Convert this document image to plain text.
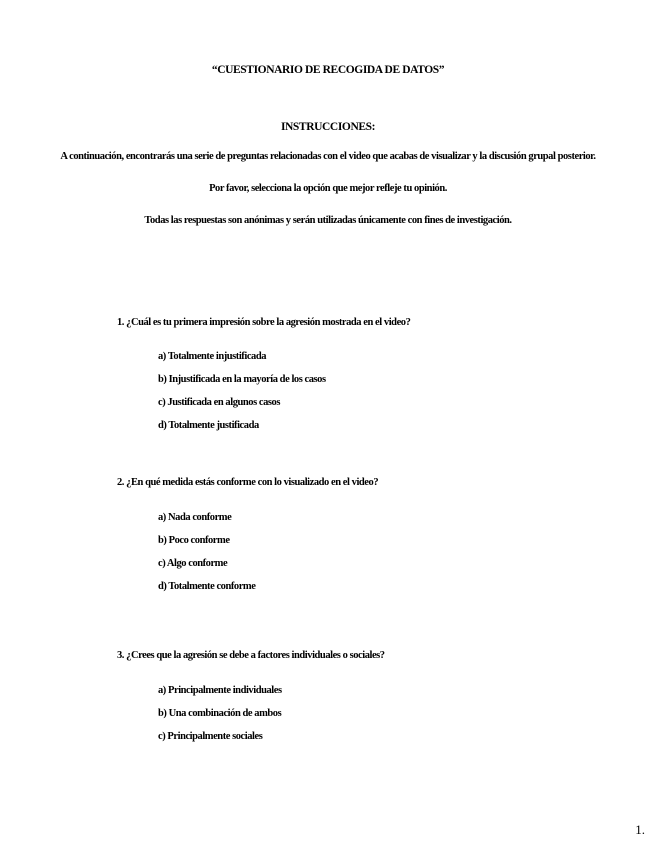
“CUESTIONARIO DE RECOGIDA DE DATOS”
INSTRUCCIONES:
A continuación, encontrarás una serie de preguntas relacionadas con el video que acabas de visualizar y la discusión grupal posterior.
Por favor, selecciona la opción que mejor refleje tu opinión.
Todas las respuestas son anónimas y serán utilizadas únicamente con fines de investigación.
1. ¿Cuál es tu primera impresión sobre la agresión mostrada en el video?
a) Totalmente injustificada
b) Injustificada en la mayoría de los casos
c) Justificada en algunos casos
d) Totalmente justificada
2. ¿En qué medida estás conforme con lo visualizado en el video?
a) Nada conforme
b) Poco conforme
c) Algo conforme
d) Totalmente conforme
3. ¿Crees que la agresión se debe a factores individuales o sociales?
a) Principalmente individuales
b) Una combinación de ambos
c) Principalmente sociales
1.
